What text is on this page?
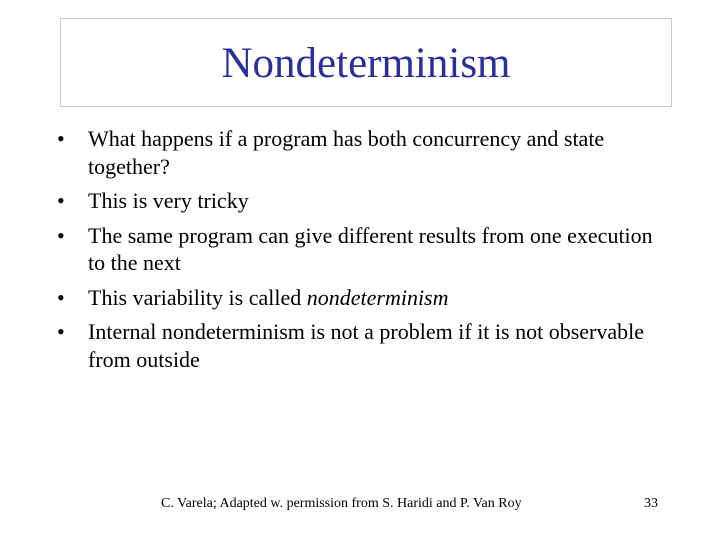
Nondeterminism
•	What happens if a program has both concurrency and state together?
•	This is very tricky
•	The same program can give different results from one execution to the next
•	This variability is called nondeterminism
•	Internal nondeterminism is not a problem if it is not observable from outside
C. Varela; Adapted w. permission from S. Haridi and P. Van Roy	33
